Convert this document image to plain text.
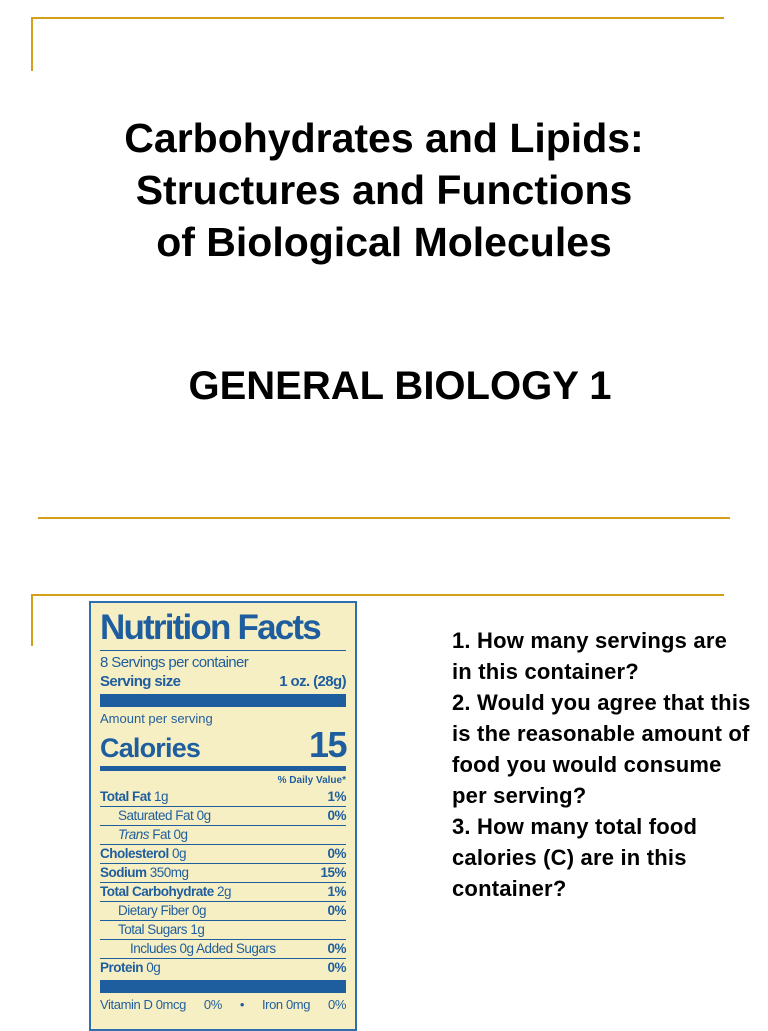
Carbohydrates and Lipids:
Structures and Functions
of Biological Molecules
GENERAL BIOLOGY 1
Nutrition Facts
8 Servings per container
Serving size	1 oz. (28g)
Amount per serving
Calories	15
% Daily Value*
Total Fat 1g	1%
Saturated Fat 0g	0%
Trans Fat 0g
Cholesterol 0g	0%
Sodium 350mg	15%
Total Carbohydrate 2g	1%
Dietary Fiber 0g	0%
Total Sugars 1g
Includes 0g Added Sugars	0%
Protein 0g	0%
Vitamin D 0mcg 0% • Iron 0mg 0%

1. How many servings are in this container?

2. Would you agree that this is the reasonable amount of food you would consume per serving?

3. How many total food calories (C) are in this container?
